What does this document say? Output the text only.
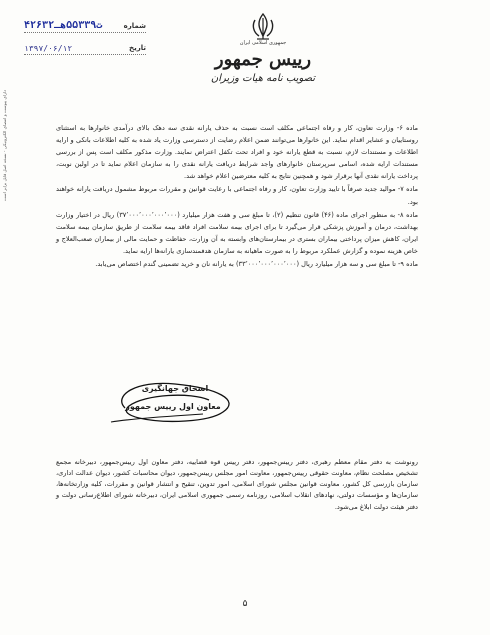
جمهوری اسلامی ایران
رییس جمهور
تصویب نامه هیات وزیران
شماره
۴۲۶۳۲ت۵۵۳۳۹هـ
تاریخ
۱۳۹۷/۰۶/۱۲

ماده ۶- وزارت تعاون، کار و رفاه اجتماعی مکلف است نسبت به حذف یارانه نقدی سه دهک بالای درآمدی خانوارها به استثنای روستاییان و عشایر اقدام نماید. این خانوارها می‌توانند ضمن اعلام رضایت از دسترسی وزارت یاد شده به کلیه اطلاعات بانکی و ارایه اطلاعات و مستندات لازم، نسبت به قطع یارانه خود و افراد تحت تکفل اعتراض نمایند. وزارت مذکور مکلف است پس از بررسی مستندات ارایه شده، اسامی سرپرستان خانوارهای واجد شرایط دریافت یارانه نقدی را به سازمان اعلام نماید تا در اولین نوبت، پرداخت یارانه نقدی آنها برقرار شود و همچنین نتایج به کلیه معترضین اعلام خواهد شد.

ماده ۷- مواليد جديد صرفاً با تاييد وزارت تعاون، كار و رفاه اجتماعی با رعايت قوانين و مقررات مربوط مشمول دريافت يارانه خواهند بود.

ماده ۸- به منظور اجرای ماده (۴۶) قانون تنظیم (۲)، تا مبلغ سی و هفت هزار میلیارد (۳۷٬۰۰۰٬۰۰۰٬۰۰۰٬۰۰۰) ریال در اختیار وزارت بهداشت، درمان و آموزش پزشکی قرار می‌گیرد تا برای اجرای بیمه سلامت افراد فاقد بیمه سلامت از طریق سازمان بیمه سلامت ایران، کاهش میزان پرداختی بیماران بستری در بیمارستان‌های وابسته به آن وزارت، حفاظت و حمایت مالی از بیماران صعب‌العلاج و خاص هزینه نموده و گزارش عملکرد مربوط را به صورت ماهیانه به سازمان هدفمندسازی یارانه‌ها ارایه نماید.

ماده ۹- تا مبلغ سی و سه هزار میلیارد ریال (۳۳٬۰۰۰٬۰۰۰٬۰۰۰٬۰۰۰) به یارانه نان و خرید تضمینی گندم اختصاص می‌یابد.

اسحاق جهانگیری
معاون اول رییس جمهور

رونوشت به دفتر مقام معظم رهبری، دفتر رییس‌جمهور، دفتر رییس قوه قضاییه، دفتر معاون اول رییس‌جمهور، دبیرخانه مجمع تشخیص مصلحت نظام، معاونت حقوقی رییس‌جمهور، معاونت امور مجلس رییس‌جمهور، دیوان محاسبات کشور، دیوان عدالت اداری، سازمان بازرسی کل کشور، معاونت قوانین مجلس شورای اسلامی، امور تدوین، تنقیح و انتشار قوانین و مقررات، کلیه وزارتخانه‌ها، سازمان‌ها و مؤسسات دولتی، نهادهای انقلاب اسلامی، روزنامه رسمی جمهوری اسلامی ایران، دبیرخانه شورای اطلاع‌رسانی دولت و دفتر هیئت دولت ابلاغ می‌شود.

دارای پیوست و امضای الکترونیکی - نسخه اصل قابل برابر است
۵
